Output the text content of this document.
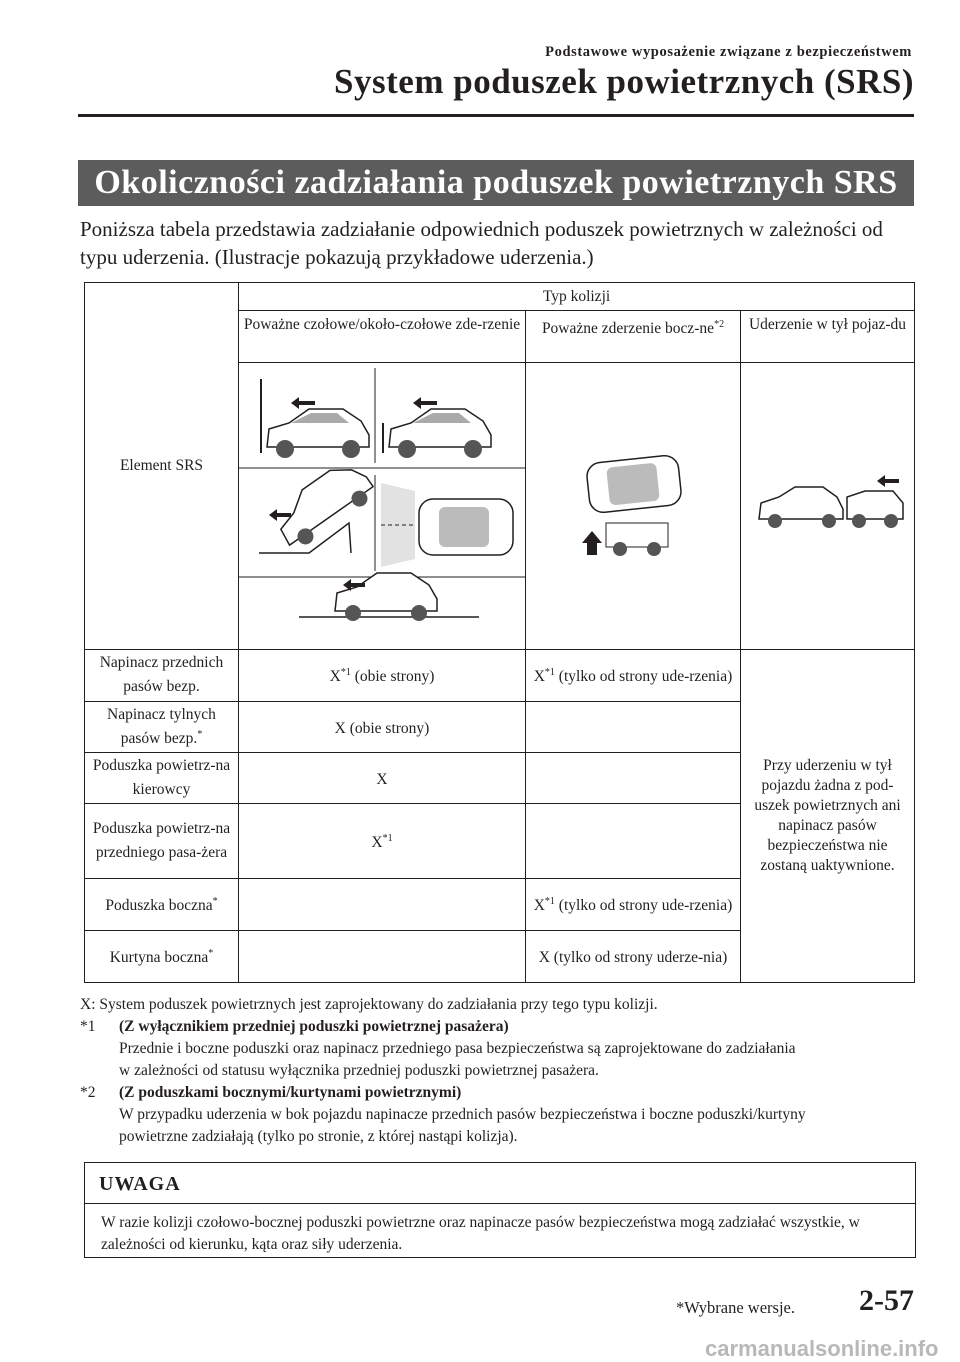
Podstawowe wyposażenie związane z bezpieczeństwem
System poduszek powietrznych (SRS)
Okoliczności zadziałania poduszek powietrznych SRS
Poniższa tabela przedstawia zadziałanie odpowiednich poduszek powietrznych w zależności od typu uderzenia. (Ilustracje pokazują przykładowe uderzenia.)
Element SRS	Typ kolizji		
	Poważne czołowe/około-czołowe zde-rzenie	Poważne zderzenie bocz-$ne^{*2}$	Uderzenie w tył pojaz-du

Napinacz przednich pasów bezp.	$X^{*1}$ (obie strony)	$X^{*1}$ (tylko od strony ude-rzenia)	Przy uderzeniu w tył pojazdu żadna z pod-uszek powietrznych ani napinacz pasów bezpieczeństwa nie zostaną uaktywnione.
Napinacz tylnych pasów bezp.*	X (obie strony)		
Poduszka powietrz-na kierowcy	X		
Poduszka powietrz-na przedniego pasa-żera	$X^{*1}$	
Poduszka boczna*		$X^{*1}$ (tylko od strony ude-rzenia)	
Kurtyna boczna*		X (tylko od strony uderze-nia)	
X: System poduszek powietrznych jest zaprojektowany do zadziałania przy tego typu kolizji.
*1 (Z wyłącznikiem przedniej poduszki powietrznej pasażera)
Przednie i boczne poduszki oraz napinacz przedniego pasa bezpieczeństwa są zaprojektowane do zadziałania
w zależności od statusu wyłącznika przedniej poduszki powietrznej pasażera.
*2 (Z poduszkami bocznymi/kurtynami powietrznymi)
W przypadku uderzenia w bok pojazdu napinacze przednich pasów bezpieczeństwa i boczne poduszki/kurtyny
powietrzne zadziałają (tylko po stronie, z której nastąpi kolizja).
UWAGA
W razie kolizji czołowo-bocznej poduszki powietrzne oraz napinacze pasów bezpieczeństwa mogą zadziałać wszystkie, w zależności od kierunku, kąta oraz siły uderzenia.
*Wybrane wersje. 2-57
carmanualsonline.info
